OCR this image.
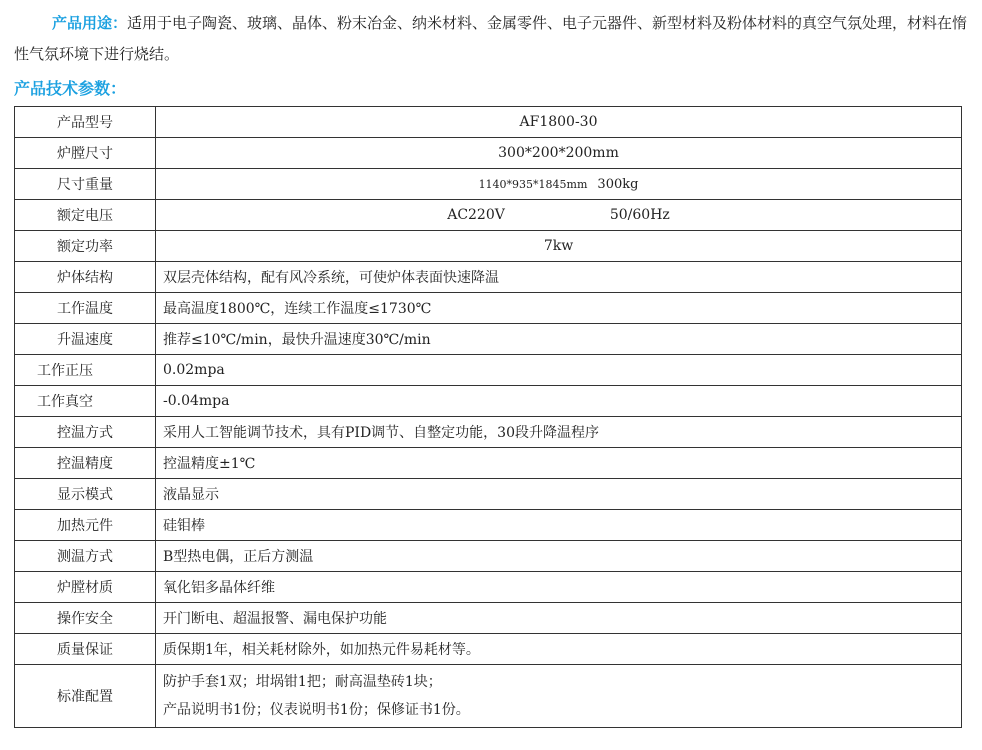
产品用途：适用于电子陶瓷、玻璃、晶体、粉末冶金、纳米材料、金属零件、电子元器件、新型材料及粉体材料的真空气氛处理，材料在惰性气氛环境下进行烧结。
产品技术参数：
产品型号	AF1800-30
炉膛尺寸	300*200*200mm
尺寸重量	1140*935*1845mm 300kg
额定电压	AC220V 50/60Hz
额定功率	7kw
炉体结构	双层壳体结构，配有风冷系统，可使炉体表面快速降温
工作温度	最高温度1800℃，连续工作温度≤1730℃
升温速度	推荐≤10℃/min，最快升温速度30℃/min
工作正压	0.02mpa
工作真空	-0.04mpa
控温方式	采用人工智能调节技术，具有PID调节、自整定功能，30段升降温程序
控温精度	控温精度±1℃
显示模式	液晶显示
加热元件	硅钼棒
测温方式	B型热电偶，正后方测温
炉膛材质	氧化铝多晶体纤维
操作安全	开门断电、超温报警、漏电保护功能
质量保证	质保期1年，相关耗材除外，如加热元件易耗材等。
标准配置	防护手套1双；坩埚钳1把；耐高温垫砖1块；
产品说明书1份；仪表说明书1份；保修证书1份。
